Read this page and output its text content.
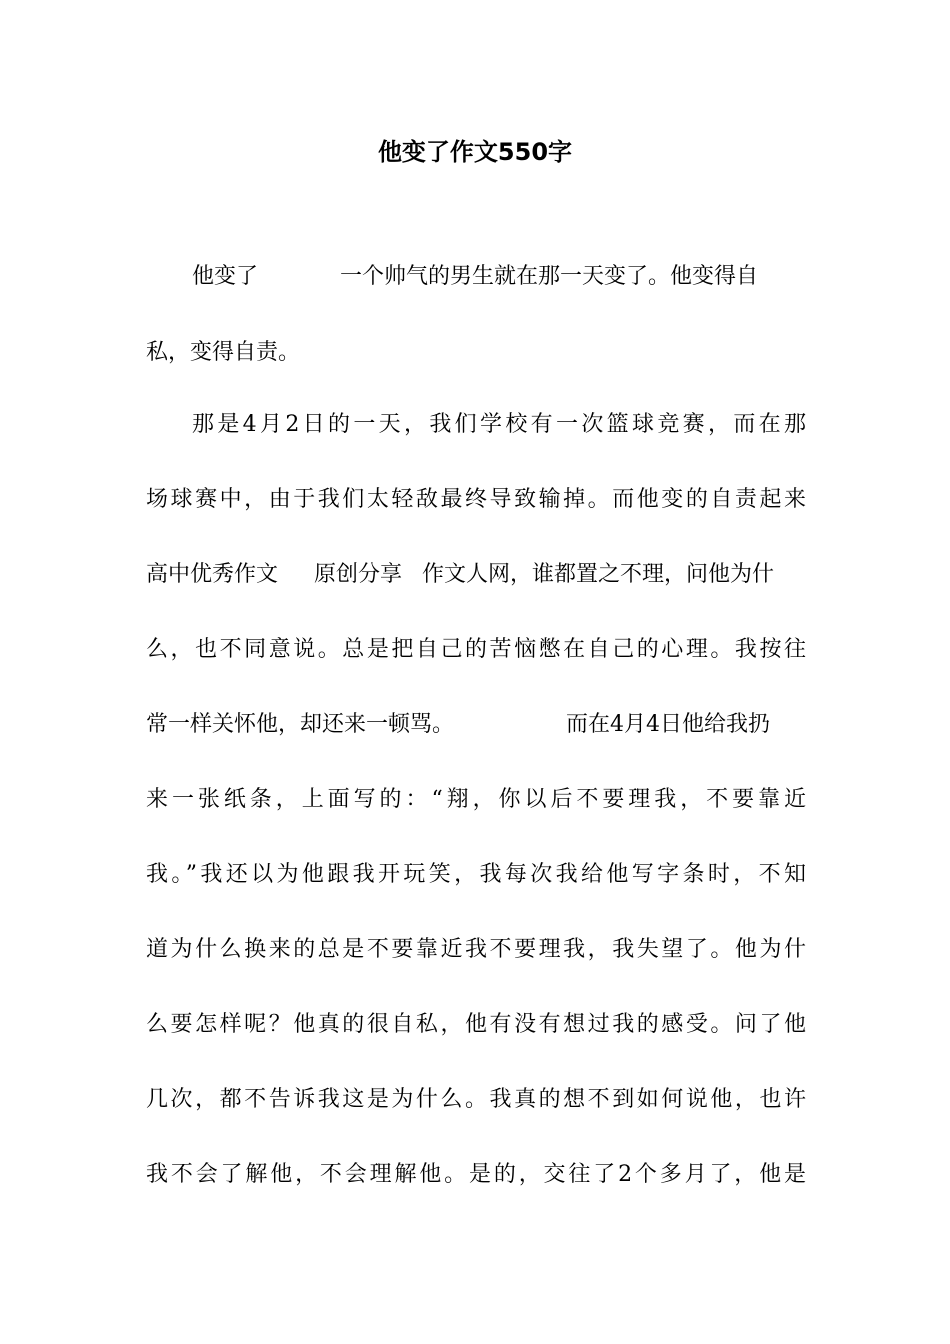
他变了作文550字
他变了	一个帅气的男生就在那一天变了。他变得自
私，变得自责。
那是4月2日的一天，我们学校有一次篮球竞赛，而在那
场球赛中，由于我们太轻敌最终导致输掉。而他变的自责起来
高中优秀作文 原创分享 作文人网，谁都置之不理，问他为什
么，也不同意说。总是把自己的苦恼憋在自己的心理。我按往
常一样关怀他，却还来一顿骂。	而在4月4日他给我扔
来一张纸条，上面写的：“翔，你以后不要理我，不要靠近
我。”我还以为他跟我开玩笑，我每次我给他写字条时，不知
道为什么换来的总是不要靠近我不要理我，我失望了。他为什
么要怎样呢？他真的很自私，他有没有想过我的感受。问了他
几次，都不告诉我这是为什么。我真的想不到如何说他，也许
我不会了解他，不会理解他。是的，交往了2个多月了，他是
